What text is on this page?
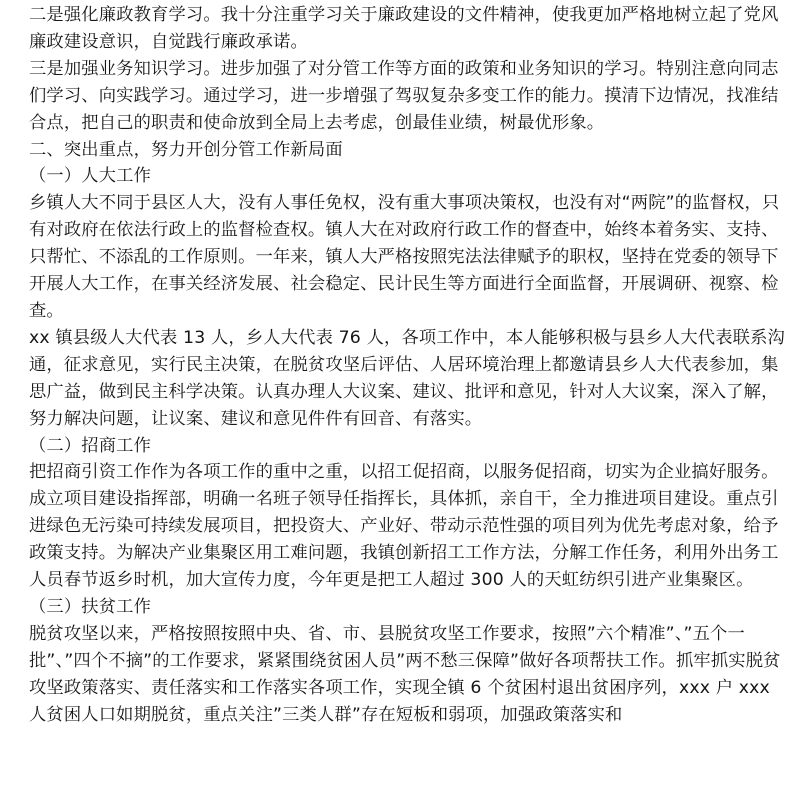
二是强化廉政教育学习。我十分注重学习关于廉政建设的文件精神，使我更加严格地树立起了党风廉政建设意识，自觉践行廉政承诺。

三是加强业务知识学习。进步加强了对分管工作等方面的政策和业务知识的学习。特别注意向同志们学习、向实践学习。通过学习，进一步增强了驾驭复杂多变工作的能力。摸清下边情况，找准结合点，把自己的职责和使命放到全局上去考虑，创最佳业绩，树最优形象。

二、突出重点，努力开创分管工作新局面

（一）人大工作

乡镇人大不同于县区人大，没有人事任免权，没有重大事项决策权，也没有对“两院”的监督权，只有对政府在依法行政上的监督检查权。镇人大在对政府行政工作的督查中，始终本着务实、支持、只帮忙、不添乱的工作原则。一年来，镇人大严格按照宪法法律赋予的职权，坚持在党委的领导下开展人大工作，在事关经济发展、社会稳定、民计民生等方面进行全面监督，开展调研、视察、检查。

xx 镇县级人大代表 13 人，乡人大代表 76 人，各项工作中，本人能够积极与县乡人大代表联系沟通，征求意见，实行民主决策，在脱贫攻坚后评估、人居环境治理上都邀请县乡人大代表参加，集思广益，做到民主科学决策。认真办理人大议案、建议、批评和意见，针对人大议案，深入了解，努力解决问题，让议案、建议和意见件件有回音、有落实。

（二）招商工作

把招商引资工作作为各项工作的重中之重，以招工促招商，以服务促招商，切实为企业搞好服务。成立项目建设指挥部，明确一名班子领导任指挥长，具体抓，亲自干，全力推进项目建设。重点引进绿色无污染可持续发展项目，把投资大、产业好、带动示范性强的项目列为优先考虑对象，给予政策支持。为解决产业集聚区用工难问题，我镇创新招工工作方法，分解工作任务，利用外出务工人员春节返乡时机，加大宣传力度，今年更是把工人超过 300 人的天虹纺织引进产业集聚区。

（三）扶贫工作

脱贫攻坚以来，严格按照按照中央、省、市、县脱贫攻坚工作要求，按照”六个精准”、”五个一批”、”四个不摘”的工作要求，紧紧围绕贫困人员”两不愁三保障”做好各项帮扶工作。抓牢抓实脱贫攻坚政策落实、责任落实和工作落实各项工作，实现全镇 6 个贫困村退出贫困序列，xxx 户 xxx 人贫困人口如期脱贫，重点关注”三类人群”存在短板和弱项，加强政策落实和
